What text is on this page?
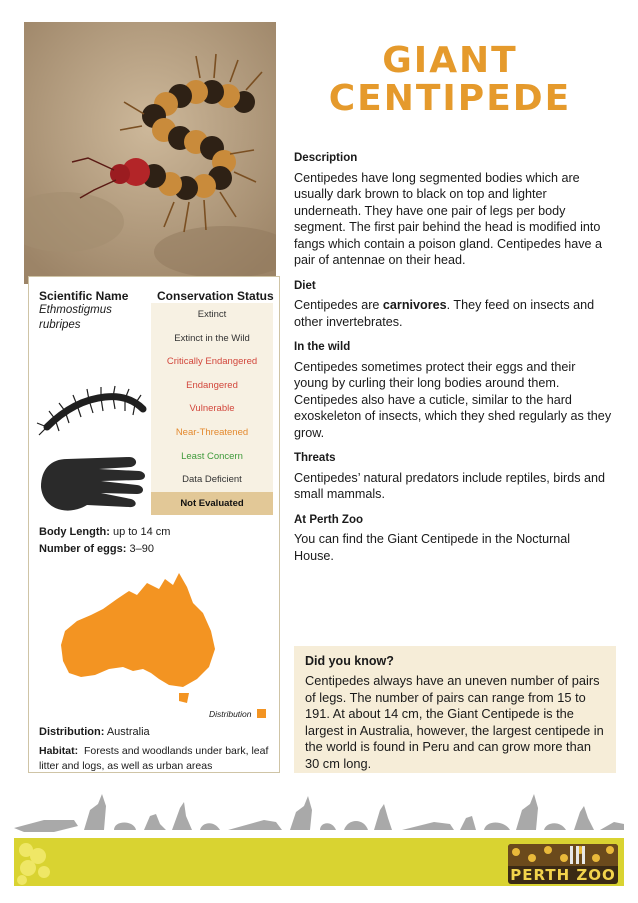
GIANT
CENTIPEDE
Description

Centipedes have long segmented bodies which are usually dark brown to black on top and lighter underneath. They have one pair of legs per body segment. The first pair behind the head is modified into fangs which contain a poison gland. Centipedes have a pair of antennae on their head.

Diet

Centipedes are carnivores. They feed on insects and other invertebrates.

In the wild

Centipedes sometimes protect their eggs and their young by curling their long bodies around them. Centipedes also have a cuticle, similar to the hard exoskeleton of insects, which they shed regularly as they grow.

Threats

Centipedes’ natural predators include reptiles, birds and small mammals.

At Perth Zoo

You can find the Giant Centipede in the Nocturnal House.

Scientific Name
Ethmostigmus rubripes
Conservation Status
Extinct
Extinct in the Wild
Critically Endangered
Endangered
Vulnerable
Near-Threatened
Least Concern
Data Deficient
Not Evaluated
Body Length: up to 14 cm
Number of eggs: 3–90
Distribution
Distribution: Australia
Habitat: Forests and woodlands under bark, leaf litter and logs, as well as urban areas
Did you know?

Centipedes always have an uneven number of pairs of legs. The number of pairs can range from 15 to 191. At about 14 cm, the Giant Centipede is the largest in Australia, however, the largest centipede in the world is found in Peru and can grow more than 30 cm long.

PERTH ZOO
